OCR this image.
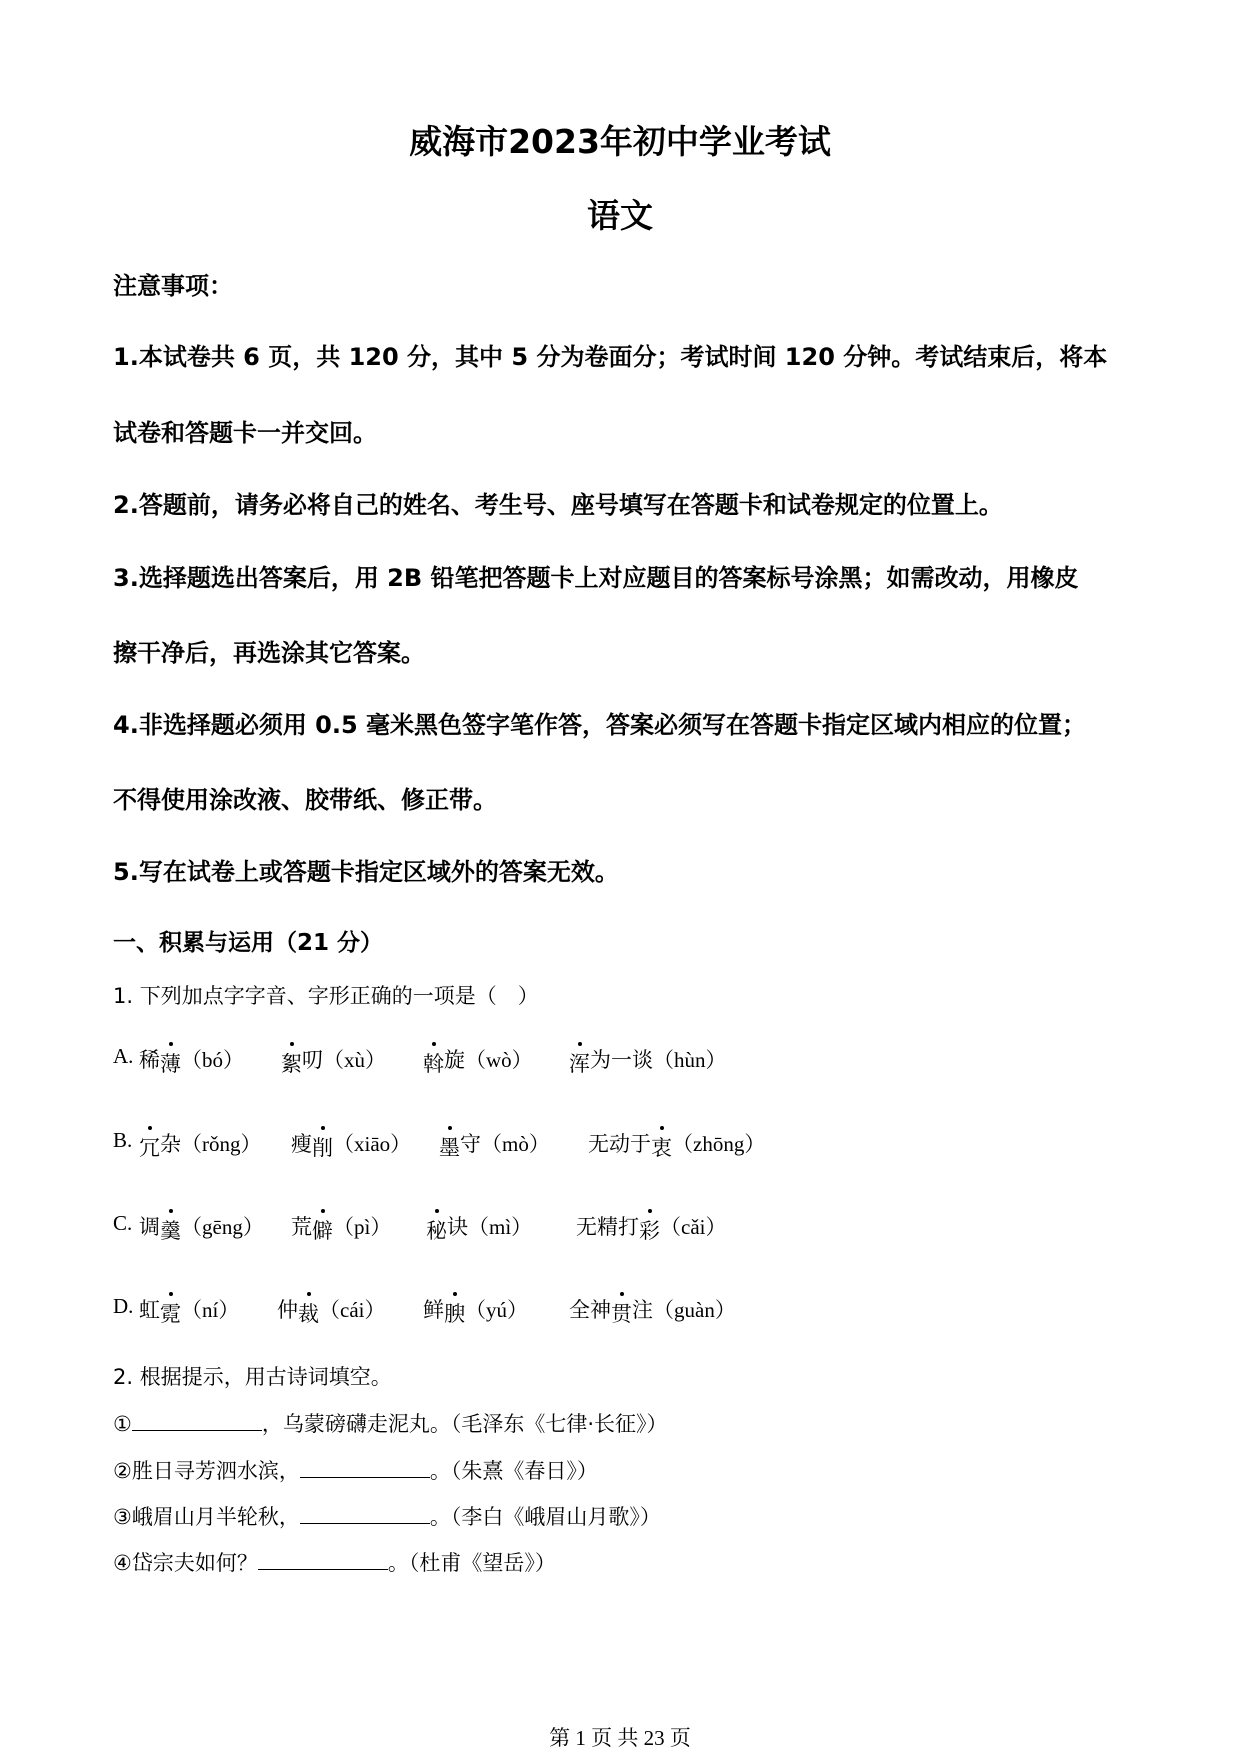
威海市2023年初中学业考试
语文
注意事项：
1.本试卷共 6 页，共 120 分，其中 5 分为卷面分；考试时间 120 分钟。考试结束后，将本
试卷和答题卡一并交回。
2.答题前，请务必将自己的姓名、考生号、座号填写在答题卡和试卷规定的位置上。
3.选择题选出答案后，用 2B 铅笔把答题卡上对应题目的答案标号涂黑；如需改动，用橡皮
擦干净后，再选涂其它答案。
4.非选择题必须用 0.5 毫米黑色签字笔作答，答案必须写在答题卡指定区域内相应的位置；
不得使用涂改液、胶带纸、修正带。
5.写在试卷上或答题卡指定区域外的答案无效。
一、积累与运用（21 分）
1. 下列加点字字音、字形正确的一项是（　）
A. 稀薄（bó） 絮叨（xù） 斡旋（wò） 浑为一谈（hùn）
B. 冗杂（rǒng） 瘦削（xiāo） 墨守（mò） 无动于衷（zhōng）
C. 调羹（gēng） 荒僻（pì） 秘诀（mì） 无精打彩（cǎi）
D. 虹霓（ní） 仲裁（cái） 鲜腴（yú） 全神贯注（guàn）
2. 根据提示，用古诗词填空。
①	，乌蒙磅礴走泥丸。（毛泽东《七律·长征》）
②胜日寻芳泗水滨，	。（朱熹《春日》）
③峨眉山月半轮秋，	。（李白《峨眉山月歌》）
④岱宗夫如何？	。（杜甫《望岳》）
第 1 页 共 23 页
